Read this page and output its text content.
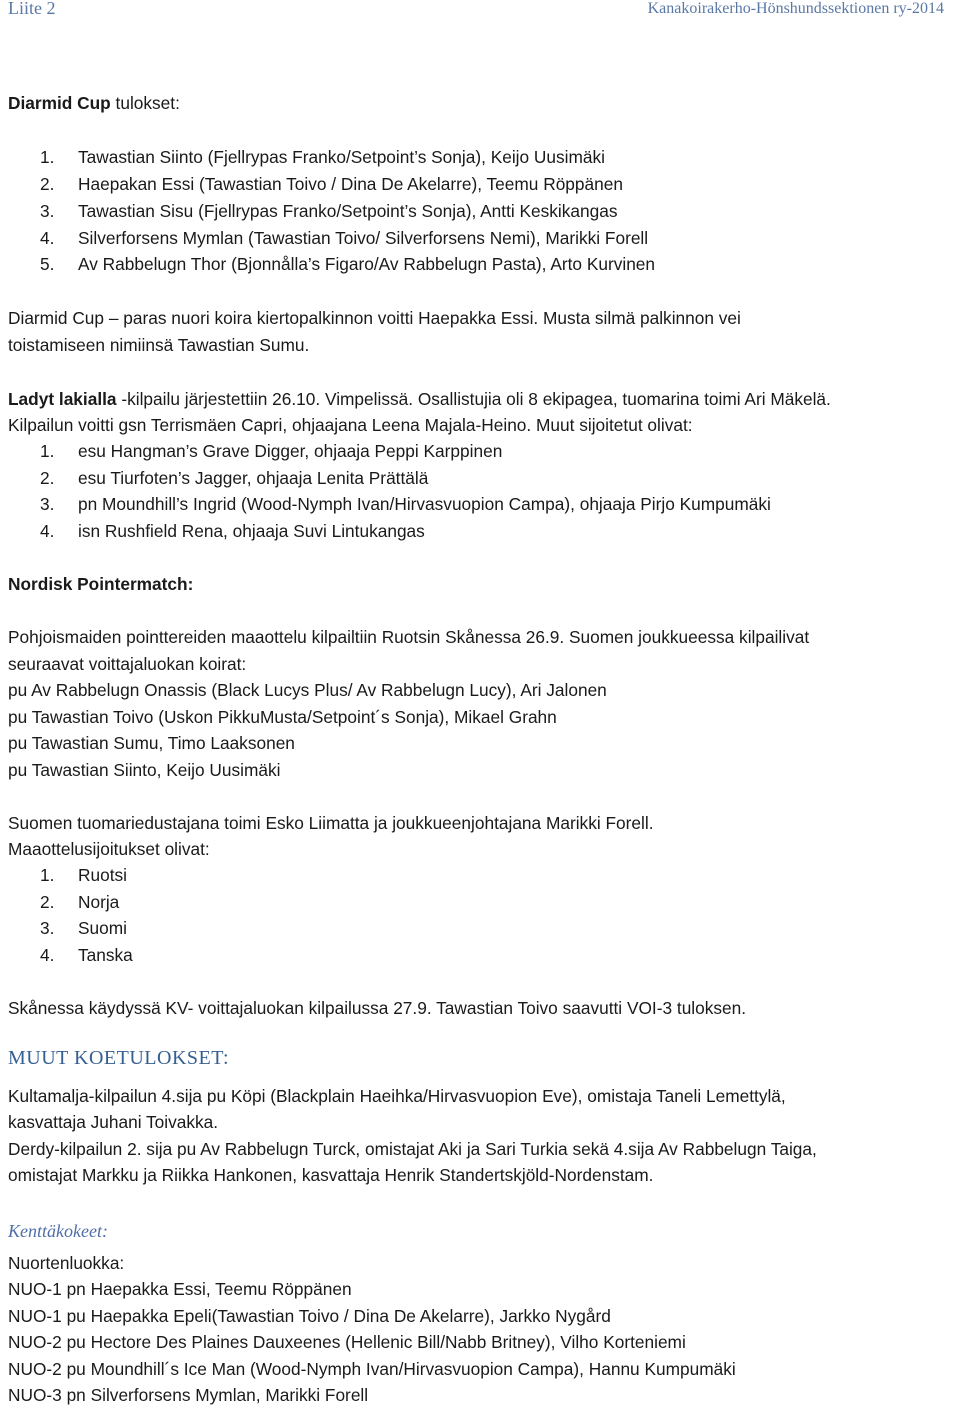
Liite 2	Kanakoirakerho-Hönshundssektionen ry-2014
Diarmid Cup tulokset:
1. Tawastian Siinto (Fjellrypas Franko/Setpoint’s Sonja), Keijo Uusimäki
2. Haepakan Essi (Tawastian Toivo / Dina De Akelarre), Teemu Röppänen
3. Tawastian Sisu (Fjellrypas Franko/Setpoint’s Sonja), Antti Keskikangas
4. Silverforsens Mymlan (Tawastian Toivo/ Silverforsens Nemi), Marikki Forell
5. Av Rabbelugn Thor (Bjonnålla’s Figaro/Av Rabbelugn Pasta), Arto Kurvinen
Diarmid Cup – paras nuori koira kiertopalkinnon voitti Haepakka Essi. Musta silmä palkinnon vei
toistamiseen nimiinsä Tawastian Sumu.
Ladyt lakialla -kilpailu järjestettiin 26.10. Vimpelissä. Osallistujia oli 8 ekipagea, tuomarina toimi Ari Mäkelä.
Kilpailun voitti gsn Terrismäen Capri, ohjaajana Leena Majala-Heino. Muut sijoitetut olivat:
1. esu Hangman’s Grave Digger, ohjaaja Peppi Karppinen
2. esu Tiurfoten’s Jagger, ohjaaja Lenita Prättälä
3. pn Moundhill’s Ingrid (Wood-Nymph Ivan/Hirvasvuopion Campa), ohjaaja Pirjo Kumpumäki
4. isn Rushfield Rena, ohjaaja Suvi Lintukangas
Nordisk Pointermatch:
Pohjoismaiden pointtereiden maaottelu kilpailtiin Ruotsin Skånessa 26.9. Suomen joukkueessa kilpailivat
seuraavat voittajaluokan koirat:
pu Av Rabbelugn Onassis (Black Lucys Plus/ Av Rabbelugn Lucy), Ari Jalonen
pu Tawastian Toivo (Uskon PikkuMusta/Setpoint´s Sonja), Mikael Grahn
pu Tawastian Sumu, Timo Laaksonen
pu Tawastian Siinto, Keijo Uusimäki
Suomen tuomariedustajana toimi Esko Liimatta ja joukkueenjohtajana Marikki Forell.
Maaottelusijoitukset olivat:
1. Ruotsi
2. Norja
3. Suomi
4. Tanska
Skånessa käydyssä KV- voittajaluokan kilpailussa 27.9. Tawastian Toivo saavutti VOI-3 tuloksen.
MUUT KOETULOKSET:
Kultamalja-kilpailun 4.sija pu Köpi (Blackplain Haeihka/Hirvasvuopion Eve), omistaja Taneli Lemettylä,
kasvattaja Juhani Toivakka.
Derdy-kilpailun 2. sija pu Av Rabbelugn Turck, omistajat Aki ja Sari Turkia sekä 4.sija Av Rabbelugn Taiga,
omistajat Markku ja Riikka Hankonen, kasvattaja Henrik Standertskjöld-Nordenstam.
Kenttäkokeet:
Nuortenluokka:
NUO-1 pn Haepakka Essi, Teemu Röppänen
NUO-1 pu Haepakka Epeli(Tawastian Toivo / Dina De Akelarre), Jarkko Nygård
NUO-2 pu Hectore Des Plaines Dauxeenes (Hellenic Bill/Nabb Britney), Vilho Korteniemi
NUO-2 pu Moundhill´s Ice Man (Wood-Nymph Ivan/Hirvasvuopion Campa), Hannu Kumpumäki
NUO-3 pn Silverforsens Mymlan, Marikki Forell
